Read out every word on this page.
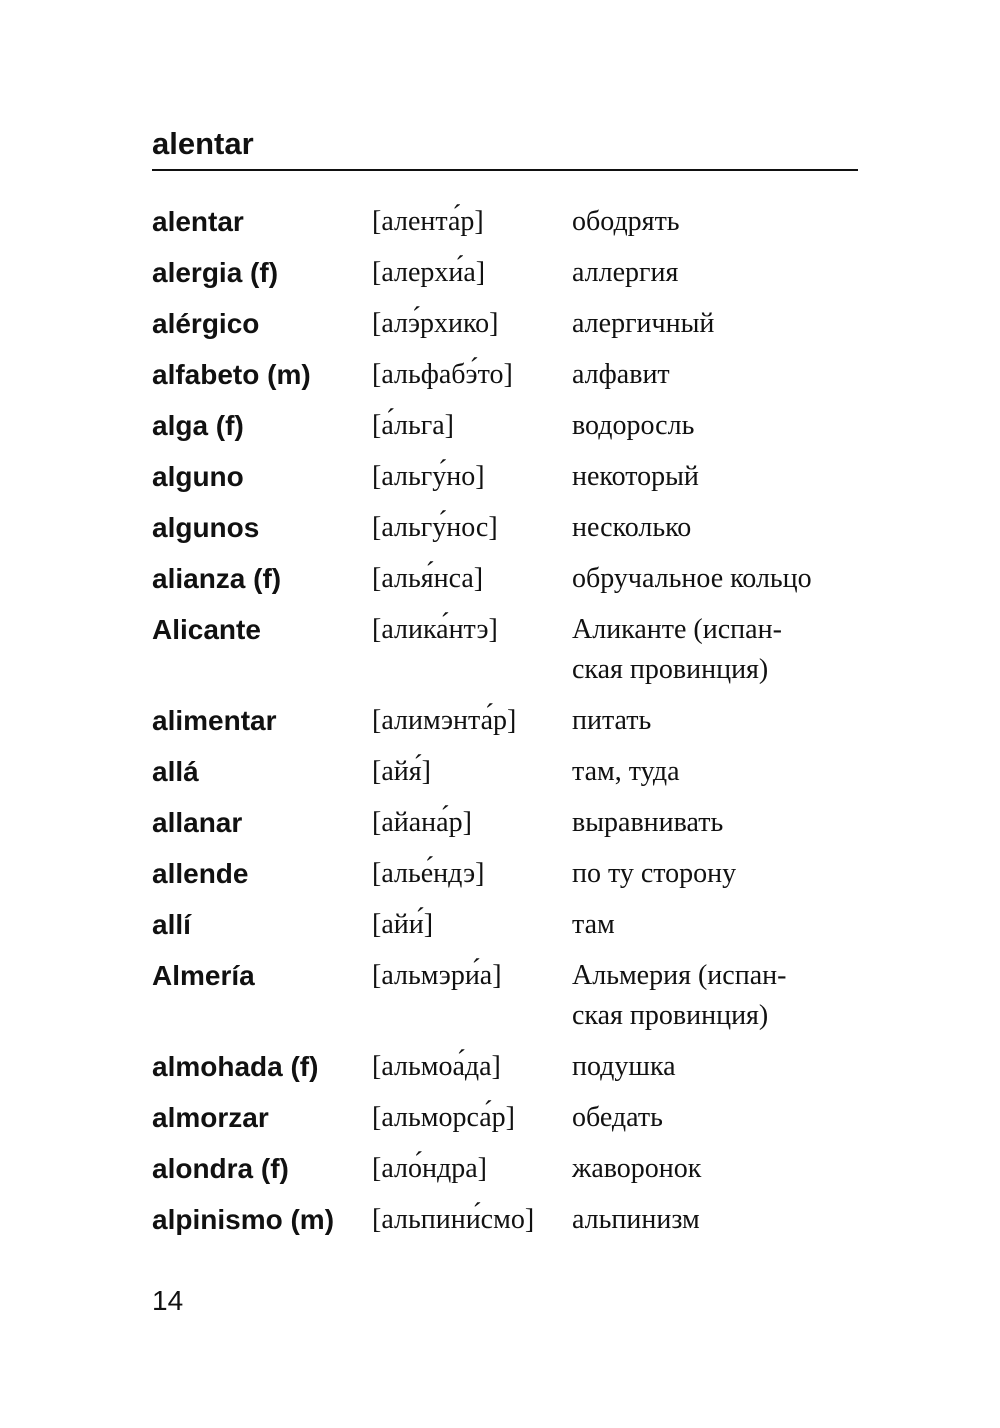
alentar
alentar	[алента́р]	ободрять
alergia (f)	[алерхи́а]	аллергия
alérgico	[алэ́рхико]	алергичный
alfabeto (m)	[альфабэ́то]	алфавит
alga (f)	[а́льга]	водоросль
alguno	[альгу́но]	некоторый
algunos	[альгу́нос]	несколько
alianza (f)	[алья́нса]	обручальное кольцо
Alicante	[алика́нтэ]	Аликанте (испан-
ская провинция)
alimentar	[алимэнта́р]	питать
allá	[айя́]	там, туда
allanar	[айана́р]	выравнивать
allende	[алье́ндэ]	по ту сторону
allí	[айи́]	там
Almería	[альмэри́а]	Альмерия (испан-
ская провинция)
almohada (f)	[альмоа́да]	подушка
almorzar	[альморса́р]	обедать
alondra (f)	[ало́ндра]	жаворонок
alpinismo (m)	[альпини́смо]	альпинизм
14
